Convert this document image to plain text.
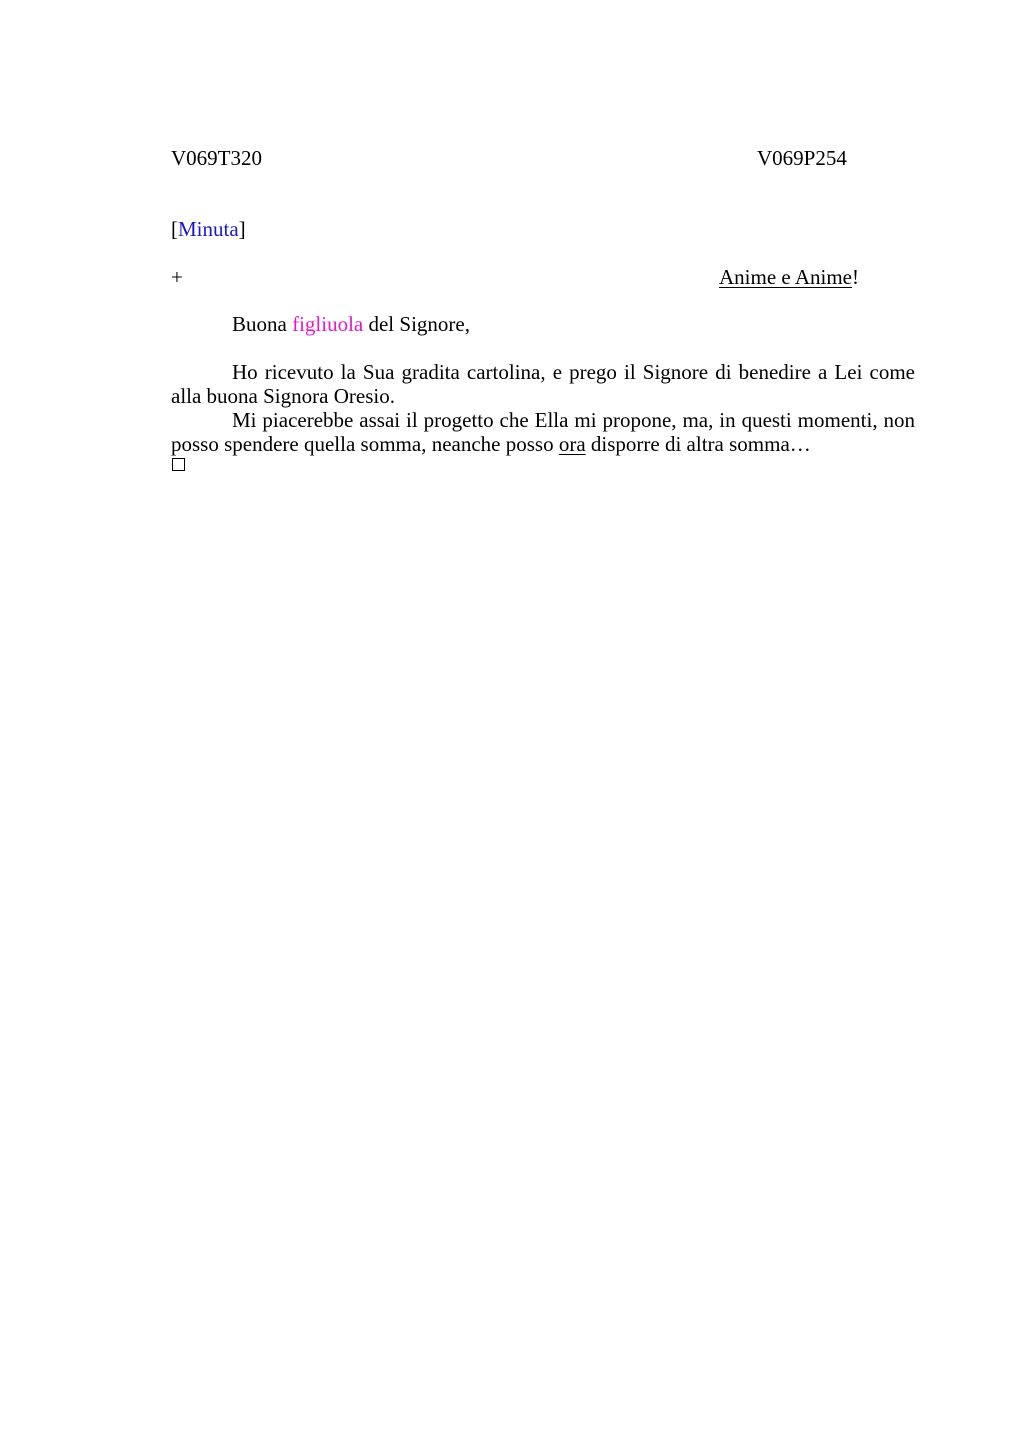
V069T320	V069P254
[Minuta]
+	Anime e Anime!
Buona figliuola del Signore,

Ho ricevuto la Sua gradita cartolina, e prego il Signore di benedire a Lei come alla buona Signora Oresio.

Mi piacerebbe assai il progetto che Ella mi propone, ma, in questi momenti, non posso spendere quella somma, neanche posso ora disporre di altra somma…
